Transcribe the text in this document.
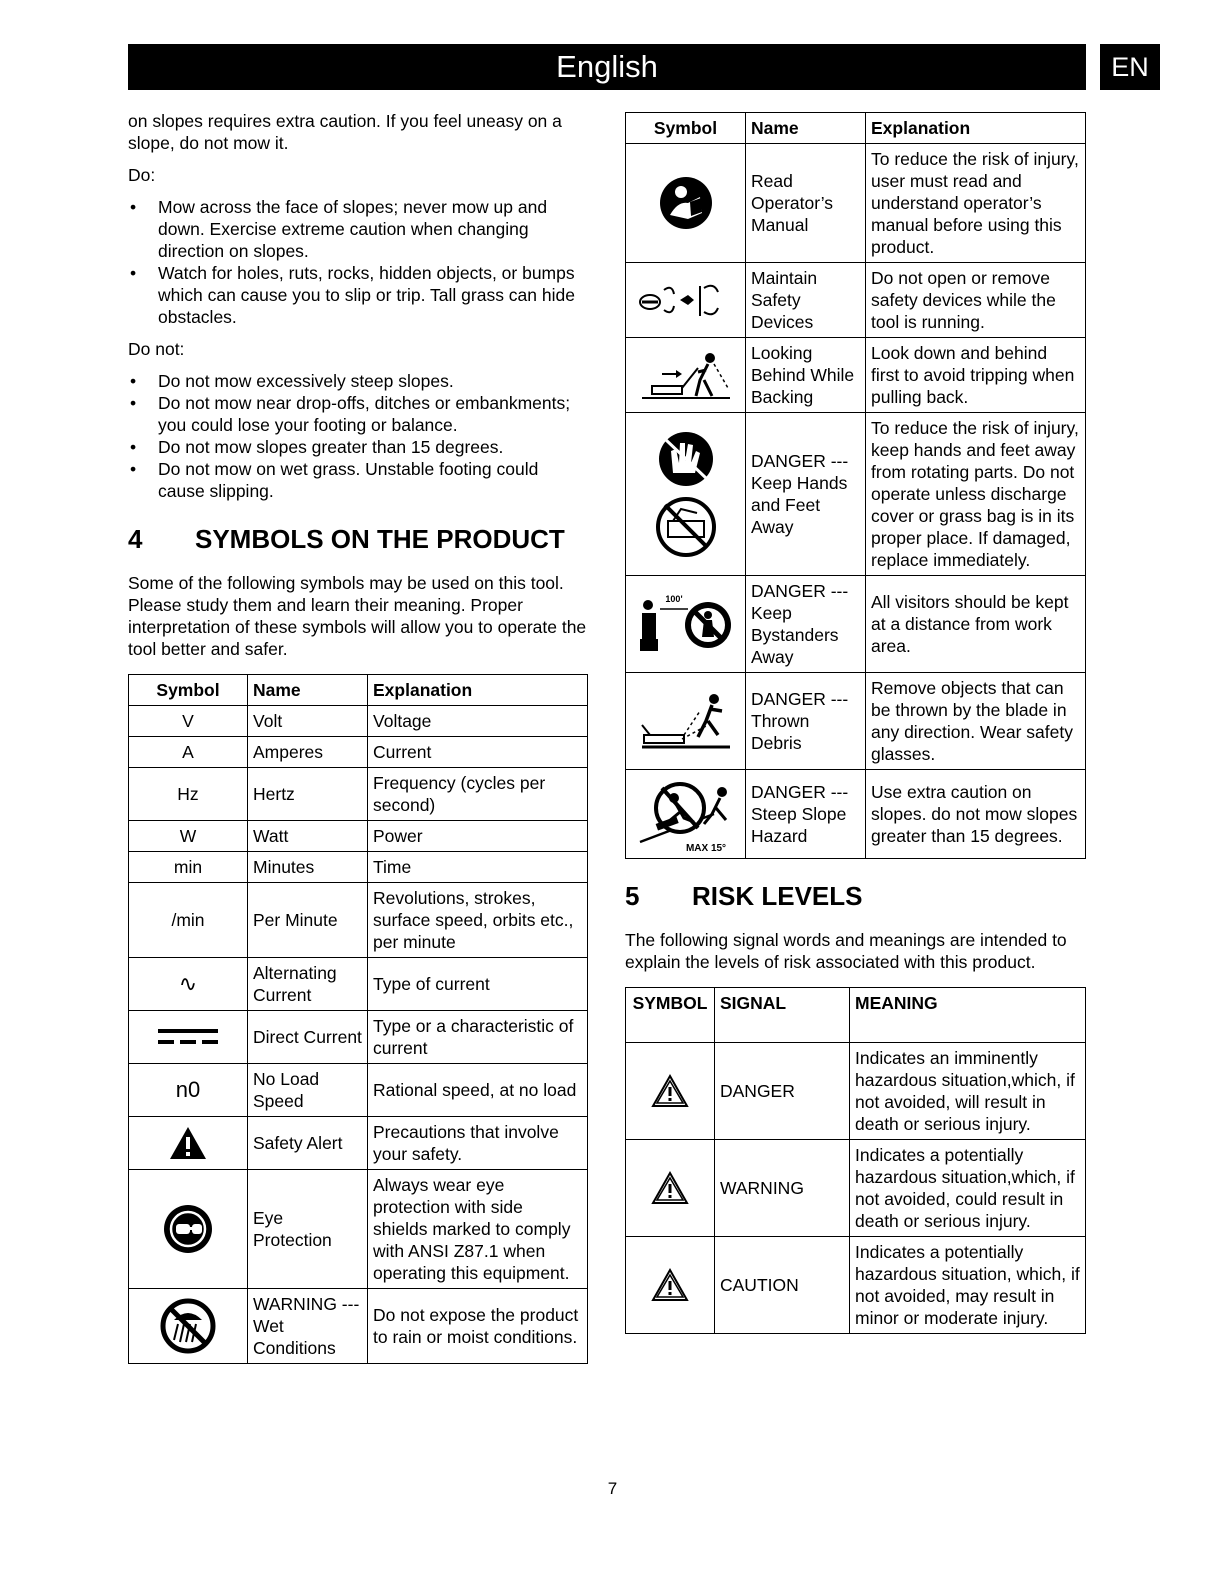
English	EN

on slopes requires extra caution. If you feel uneasy on a slope, do not mow it.

Do:

• Mow across the face of slopes; never mow up and down. Exercise extreme caution when changing direction on slopes.
• Watch for holes, ruts, rocks, hidden objects, or bumps which can cause you to slip or trip. Tall grass can hide obstacles.

Do not:

• Do not mow excessively steep slopes.
• Do not mow near drop-offs, ditches or embankments; you could lose your footing or balance.
• Do not mow slopes greater than 15 degrees.
• Do not mow on wet grass. Unstable footing could cause slipping.
4	SYMBOLS ON THE PRODUCT

Some of the following symbols may be used on this tool. Please study them and learn their meaning. Proper interpretation of these symbols will allow you to operate the tool better and safer.

Symbol	Name	Explanation
V	Volt	Voltage
A	Amperes	Current
Hz	Hertz	Frequency (cycles per second)
W	Watt	Power
min	Minutes	Time
/min	Per Minute	Revolutions, strokes, surface speed, orbits etc., per minute
∿	Alternating Current	Type of current

	Direct Current	Type or a characteristic of current
n0	No Load Speed	Rational speed, at no load

	Safety Alert	Precautions that involve your safety.

	Eye Protection	Always wear eye protection with side shields marked to comply with ANSI Z87.1 when operating this equipment.

	WARNING --- Wet Conditions	Do not expose the product to rain or moist conditions.
Symbol	Name	Explanation

	Read Operator’s Manual	To reduce the risk of injury, user must read and understand operator’s manual before using this product.

	Maintain Safety Devices	Do not open or remove safety devices while the tool is running.

	Looking Behind While Backing	Look down and behind first to avoid tripping when pulling back.

	DANGER --- Keep Hands and Feet Away	To reduce the risk of injury, keep hands and feet away from rotating parts. Do not operate unless discharge cover or grass bag is in its proper place. If damaged, replace immediately.

100'	DANGER --- Keep Bystanders Away	All visitors should be kept at a distance from work area.

	DANGER --- Thrown Debris	Remove objects that can be thrown by the blade in any direction. Wear safety glasses.

MAX 15°	DANGER --- Steep Slope Hazard	Use extra caution on slopes. do not mow slopes greater than 15 degrees.
5	RISK LEVELS

The following signal words and meanings are intended to explain the levels of risk associated with this product.

SYMBOL	SIGNAL	MEANING

	DANGER	Indicates an imminently hazardous situation,which, if not avoided, will result in death or serious injury.

	WARNING	Indicates a potentially hazardous situation,which, if not avoided, could result in death or serious injury.

	CAUTION	Indicates a potentially hazardous situation, which, if not avoided, may result in minor or moderate injury.
7
